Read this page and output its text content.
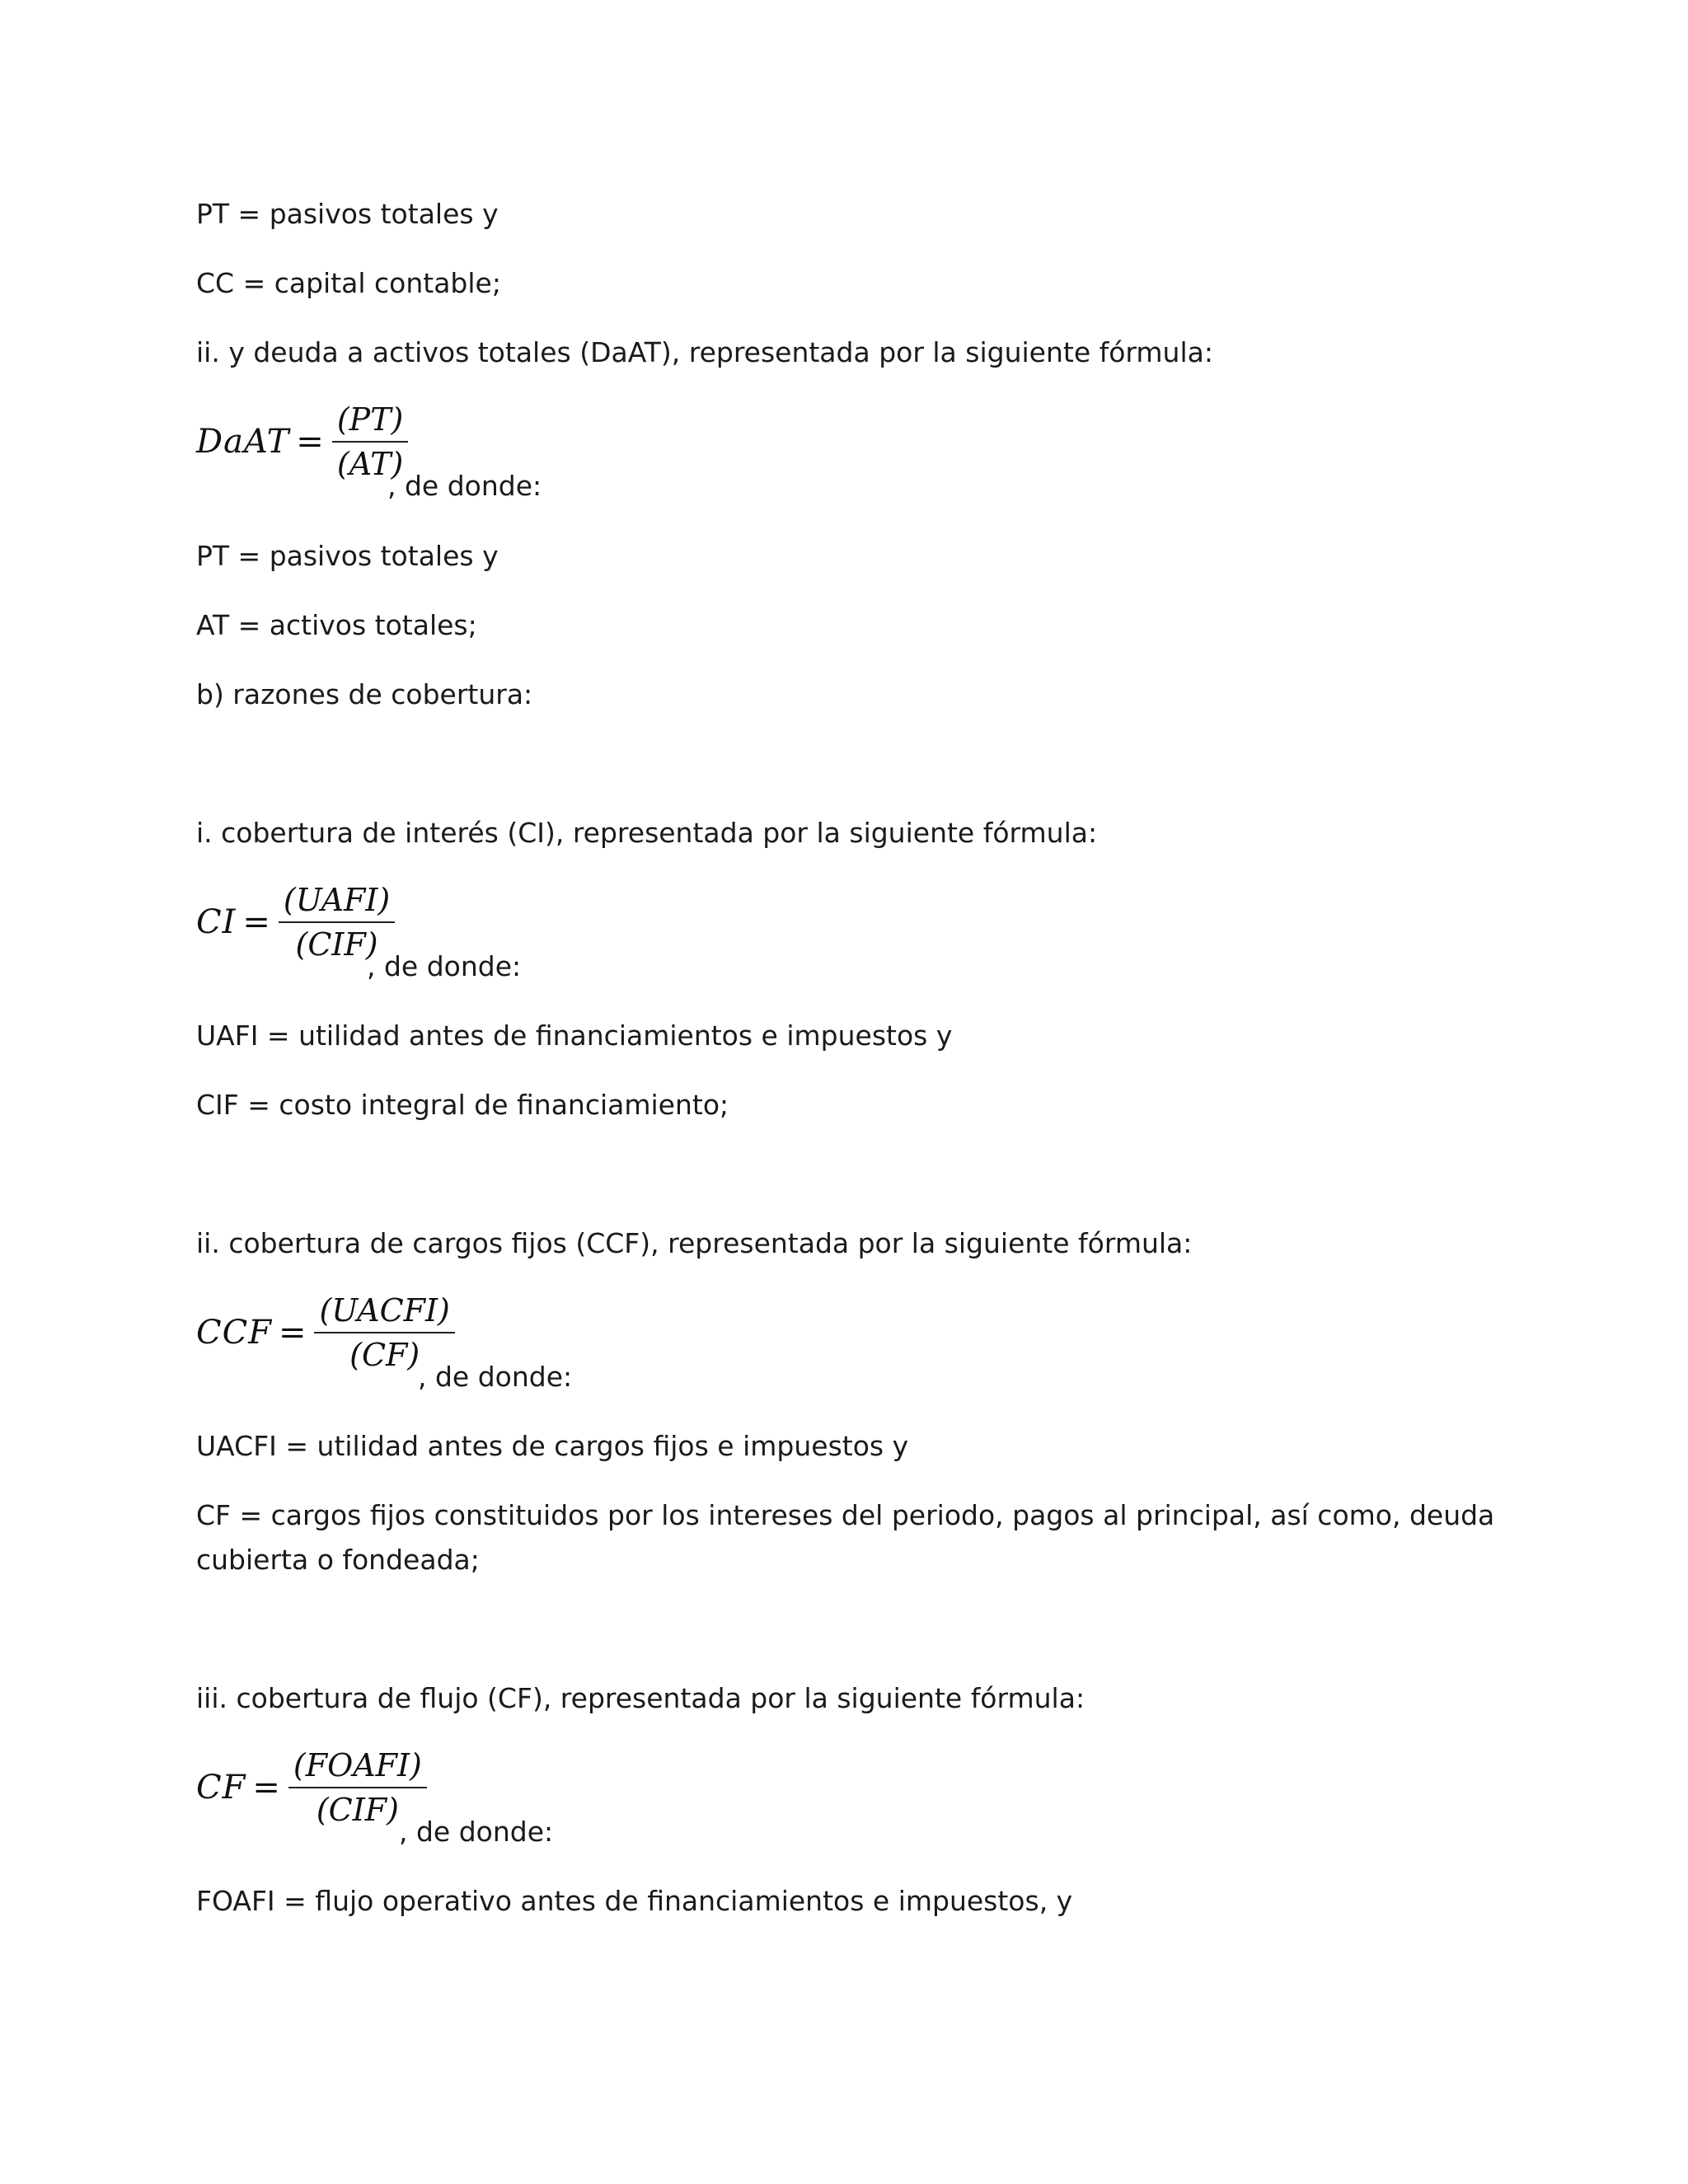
PT = pasivos totales y
CC = capital contable;
ii. y deuda a activos totales (DaAT), representada por la siguiente fórmula:
DaAT = $\frac{(PT)}{(AT)}$
, de donde:
PT = pasivos totales y
AT = activos totales;
b) razones de cobertura:
i. cobertura de interés (CI), representada por la siguiente fórmula:
CI = $\frac{\text{(UAFI)}}{\text{(CIF)}}$
, de donde:
UAFI = utilidad antes de financiamientos e impuestos y
CIF = costo integral de financiamiento;
ii. cobertura de cargos fijos (CCF), representada por la siguiente fórmula:
CCF = $\frac{\text{(UACFI)}}{(CF)}$
, de donde:
UACFI = utilidad antes de cargos fijos e impuestos y
CF = cargos fijos constituidos por los intereses del periodo, pagos al principal, así como, deuda cubierta o fondeada;
iii. cobertura de flujo (CF), representada por la siguiente fórmula:
CF = $\frac{\text{(FOAFI)}}{\text{(CIF)}}$
, de donde:
FOAFI = flujo operativo antes de financiamientos e impuestos, y
